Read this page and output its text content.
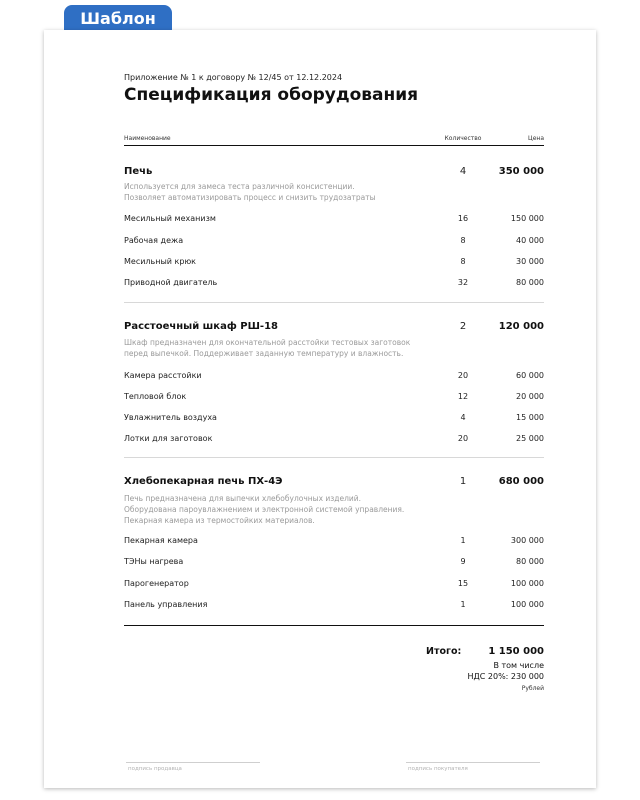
Шаблон
Приложение № 1 к договору № 12/45 от 12.12.2024
Спецификация оборудования
Наименование	Количество	Цена
Печь	4	350 000
Используется для замеса теста различной консистенции.
Позволяет автоматизировать процесс и снизить трудозатраты
Месильный механизм	16	150 000
Рабочая дежа	8	40 000
Месильный крюк	8	30 000
Приводной двигатель	32	80 000
Расстоечный шкаф РШ-18	2	120 000
Шкаф предназначен для окончательной расстойки тестовых заготовок
перед выпечкой. Поддерживает заданную температуру и влажность.
Камера расстойки	20	60 000
Тепловой блок	12	20 000
Увлажнитель воздуха	4	15 000
Лотки для заготовок	20	25 000
Хлебопекарная печь ПХ-4Э	1	680 000
Печь предназначена для выпечки хлебобулочных изделий.
Оборудована пароувлажнением и электронной системой управления.
Пекарная камера из термостойких материалов.
Пекарная камера	1	300 000
ТЭНы нагрева	9	80 000
Парогенератор	15	100 000
Панель управления	1	100 000
Итого:	1 150 000
В том числе
НДС 20%: 230 000
Рублей
подпись продавца	подпись покупателя
